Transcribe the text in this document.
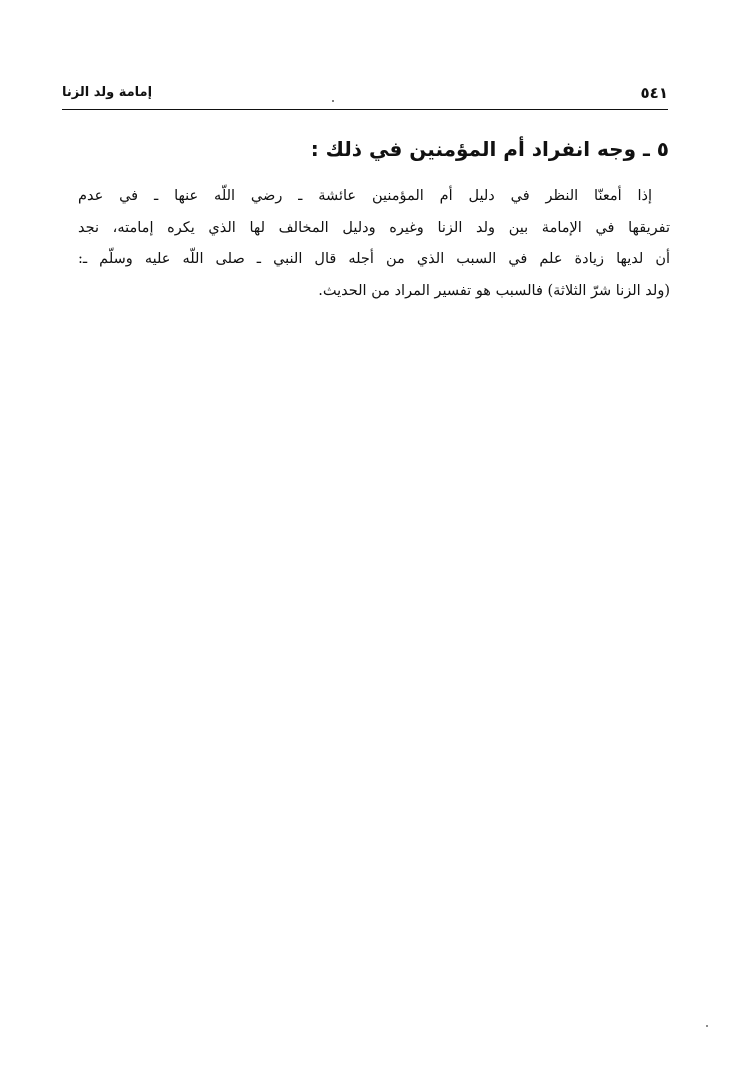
٥٤١
إمامة ولد الزنا
٥ ـ وجه انفراد أم المؤمنين في ذلك :
إذا أمعنّا النظر في دليل أم المؤمنين عائشة ـ رضي اللّه عنها ـ في عدم
تفريقها في الإمامة بين ولد الزنا وغيره ودليل المخالف لها الذي يكره إمامته، نجد
أن لديها زيادة علم في السبب الذي من أجله قال النبي ـ صلى اللّه عليه وسلّم ـ:
(ولد الزنا شرّ الثلاثة) فالسبب هو تفسير المراد من الحديث.
